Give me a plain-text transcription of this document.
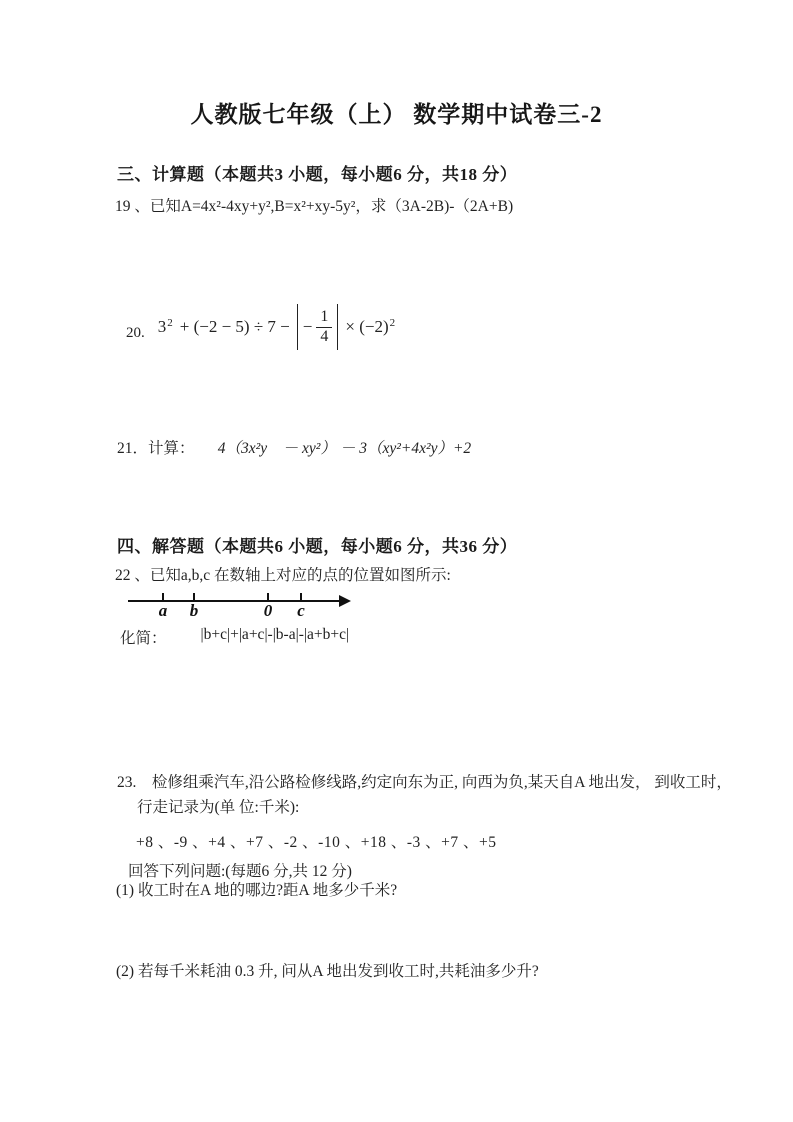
人教版七年级（上） 数学期中试卷三-2
三、计算题（本题共3 小题，每小题6 分，共18 分）
19 、已知A=4x²-4xy+y²,B=x²+xy-5y²，求（3A-2B)-（2A+B)
20. $3^2 + (-2 - 5) \div 7$ − − $\frac{1}{4} \times (-2)^2$
21．计算：   4（3x²y　－ xy²） － 3（xy²+4x²y）+2
四、解答题（本题共6 小题，每小题6 分，共36 分）
22 、已知a,b,c 在数轴上对应的点的位置如图所示:
a b	0 c
化简： |b+c|+|a+c|-|b-a|-|a+b+c|
23.　检修组乘汽车,沿公路检修线路,约定向东为正, 向西为负,某天自A 地出发， 到收工时，
行走记录为(单 位:千米):
+8 、-9 、+4 、+7 、-2 、-10 、+18 、-3 、+7 、+5
回答下列问题:(每题6 分,共 12 分)
(1) 收工时在A 地的哪边?距A 地多少千米?
(2) 若每千米耗油 0.3 升, 问从A 地出发到收工时,共耗油多少升?
